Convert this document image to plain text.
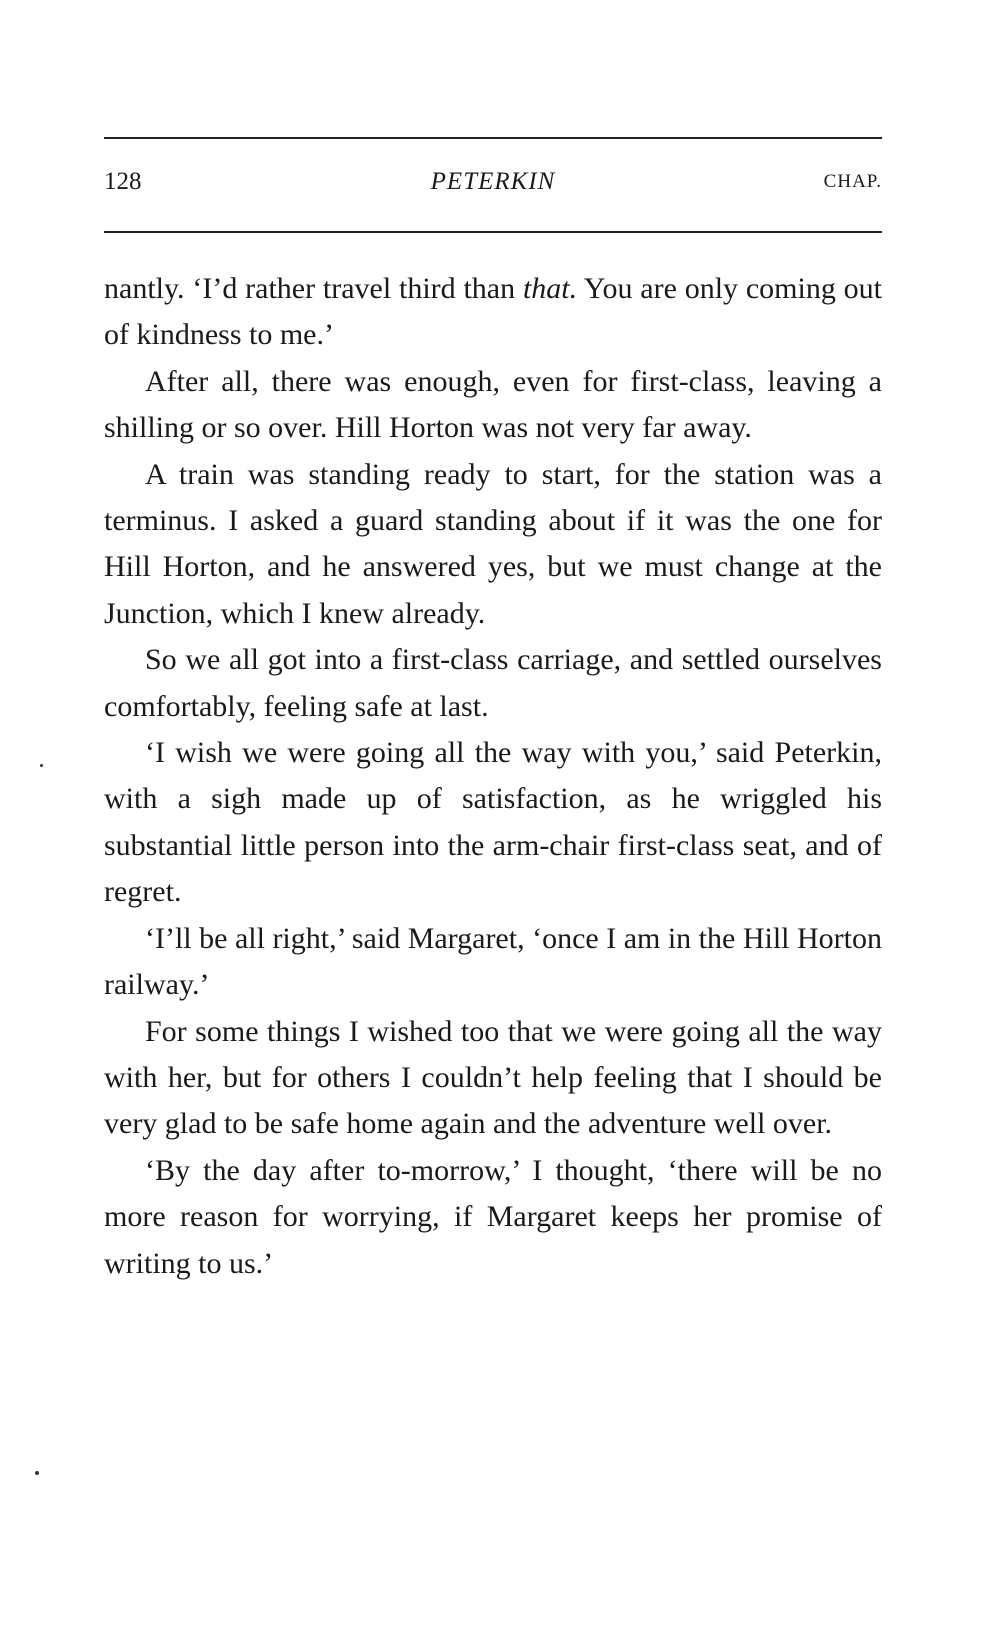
128	PETERKIN	CHAP.

nantly. ‘I’d rather travel third than that. You are only coming out of kindness to me.’

After all, there was enough, even for first-class, leaving a shilling or so over. Hill Horton was not very far away.

A train was standing ready to start, for the station was a terminus. I asked a guard standing about if it was the one for Hill Horton, and he answered yes, but we must change at the Junction, which I knew already.

So we all got into a first-class carriage, and settled ourselves comfortably, feeling safe at last.

‘I wish we were going all the way with you,’ said Peterkin, with a sigh made up of satisfaction, as he wriggled his substantial little person into the arm-chair first-class seat, and of regret.

‘I’ll be all right,’ said Margaret, ‘once I am in the Hill Horton railway.’

For some things I wished too that we were going all the way with her, but for others I couldn’t help feeling that I should be very glad to be safe home again and the adventure well over.

‘By the day after to-morrow,’ I thought, ‘there will be no more reason for worrying, if Margaret keeps her promise of writing to us.’
